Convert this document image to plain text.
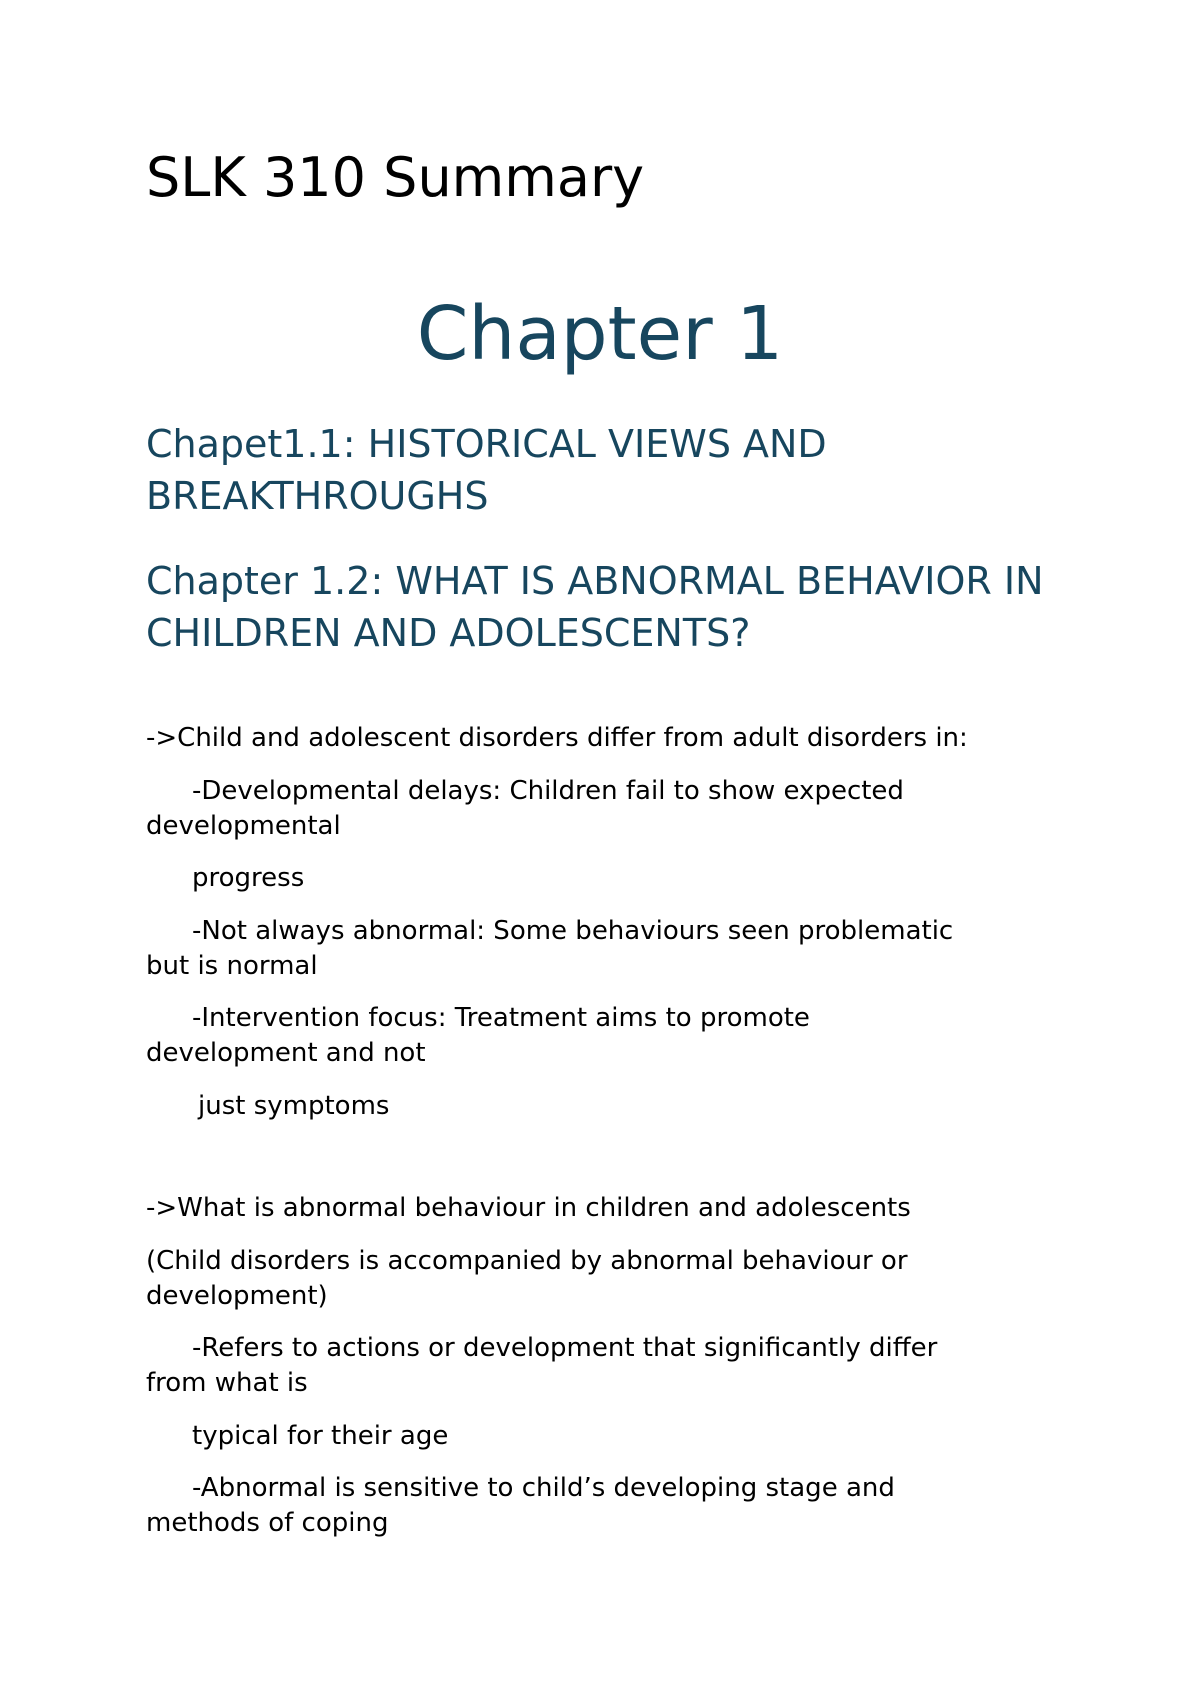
SLK 310 Summary
Chapter 1
Chapet1.1: HISTORICAL VIEWS AND BREAKTHROUGHS
Chapter 1.2: WHAT IS ABNORMAL BEHAVIOR IN CHILDREN AND ADOLESCENTS?

->Child and adolescent disorders differ from adult disorders in:

-Developmental delays: Children fail to show expected

developmental

progress

-Not always abnormal: Some behaviours seen problematic

but is normal

-Intervention focus: Treatment aims to promote

development and not

just symptoms

->What is abnormal behaviour in children and adolescents

(Child disorders is accompanied by abnormal behaviour or

development)

-Refers to actions or development that significantly differ

from what is

typical for their age

-Abnormal is sensitive to child’s developing stage and

methods of coping
